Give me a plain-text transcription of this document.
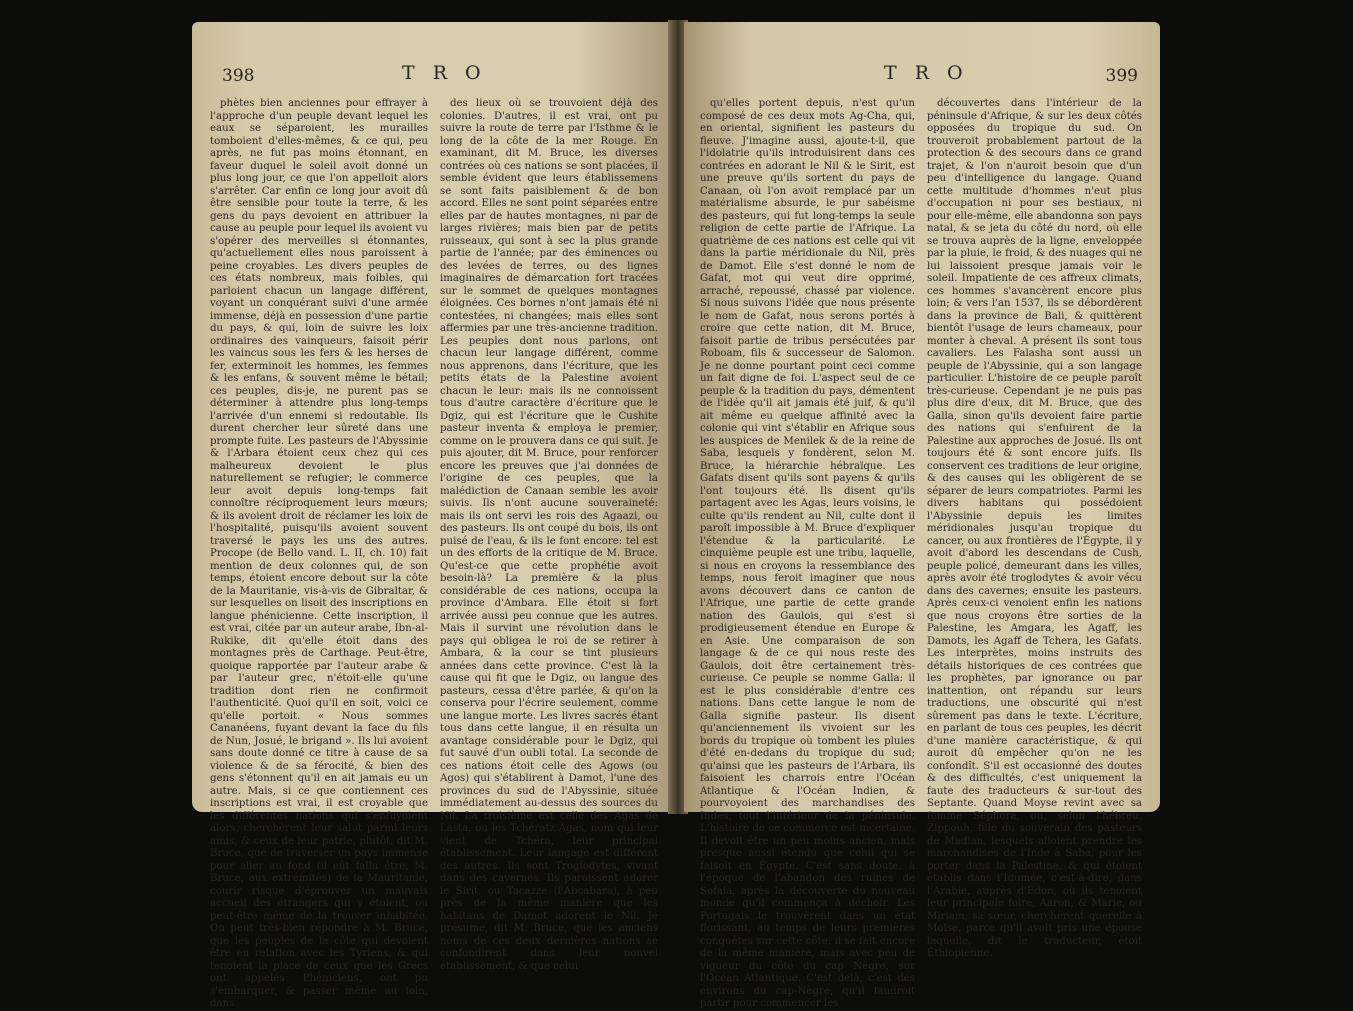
398	T R O

phètes bien anciennes pour effrayer à l'approche d'un peuple devant lequel les eaux se séparoient, les murailles tomboient d'elles-mêmes, & ce qui, peu après, ne fut pas moins étonnant, en faveur duquel le soleil avoit donné un plus long jour, ce que l'on appelloit alors s'arrêter. Car enfin ce long jour avoit dû être sensible pour toute la terre, & les gens du pays devoient en attribuer la cause au peuple pour lequel ils avoient vu s'opérer des merveilles si étonnantes, qu'actuellement elles nous paroissent à peine croyables. Les divers peuples de ces états nombreux, mais foibles, qui parloient chacun un langage différent, voyant un conquérant suivi d'une armée immense, déjà en possession d'une partie du pays, & qui, loin de suivre les loix ordinaires des vainqueurs, faisoit périr les vaincus sous les fers & les herses de fer, exterminoit les hommes, les femmes & les enfans, & souvent même le bétail; ces peuples, dis-je, ne purent pas se déterminer à attendre plus long-temps l'arrivée d'un ennemi si redoutable. Ils durent chercher leur sûreté dans une prompte fuite. Les pasteurs de l'Abyssinie & l'Arbara étoient ceux chez qui ces malheureux devoient le plus naturellement se refugier; le commerce leur avoit depuis long-temps fait connoître réciproquement leurs mœurs; & ils avoient droit de réclamer les loix de l'hospitalité, puisqu'ils avoient souvent traversé le pays les uns des autres. Procope (de Bello vand. L. II, ch. 10) fait mention de deux colonnes qui, de son temps, étoient encore debout sur la côte de la Mauritanie, vis-à-vis de Gibraltar, & sur lesquelles on lisoit des inscriptions en langue phénicienne. Cette inscription, il est vrai, citée par un auteur arabe, Ibn-al-Rukike, dit qu'elle étoit dans des montagnes près de Carthage. Peut-être, quoique rapportée par l'auteur arabe & par l'auteur grec, n'étoit-elle qu'une tradition dont rien ne confirmoit l'authenticité. Quoi qu'il en soit, voici ce qu'elle portoit. « Nous sommes Cananéens, fuyant devant la face du fils de Nun, Josué, le brigand ». Ils lui avoient sans doute donné ce titre à cause de sa violence & de sa férocité, & bien des gens s'étonnent qu'il en ait jamais eu un autre. Mais, si ce que contiennent ces inscriptions est vrai, il est croyable que les différentes nations qui s'enfuyoient alors, cherchèrent leur salut parmi leurs amis, & ceux de leur patrie, plutôt, dit M. Bruce, que de traverser un pays immense pour aller au fond (il eût fallu être, M. Bruce, aux extrémités) de la Mauritanie, courir risque d'éprouver un mauvais accueil des étrangers qui y étoient, ou peut-être même de la trouver inhabitée. On peut très-bien répondre à M. Bruce, que les peuples de la côte qui devoient être en relation avec les Tyriens, & qui tenoient la place de ceux que les Grecs ont appelés Phéniciens, ont pu s'embarquer, & passer même au loin, dans

des lieux où se trouvoient déjà des colonies. D'autres, il est vrai, ont pu suivre la route de terre par l'Isthme & le long de la côte de la mer Rouge. En examinant, dit M. Bruce, les diverses contrées où ces nations se sont placées, il semble évident que leurs établissemens se sont faits paisiblement & de bon accord. Elles ne sont point séparées entre elles par de hautes montagnes, ni par de larges rivières; mais bien par de petits ruisseaux, qui sont à sec la plus grande partie de l'année; par des éminences ou des levées de terres, ou des lignes imaginaires de démarcation fort tracées sur le sommet de quelques montagnes éloignées. Ces bornes n'ont jamais été ni contestées, ni changées; mais elles sont affermies par une très-ancienne tradition. Les peuples dont nous parlons, ont chacun leur langage différent, comme nous apprenons, dans l'écriture, que les petits états de la Palestine avoient chacun le leur: mais ils ne connoissent tous d'autre caractère d'écriture que le Dgiz, qui est l'écriture que le Cushite pasteur inventa & employa le premier, comme on le prouvera dans ce qui suit. Je puis ajouter, dit M. Bruce, pour renforcer encore les preuves que j'ai données de l'origine de ces peuples, que la malédiction de Canaan semble les avoir suivis. Ils n'ont aucune souveraineté: mais ils ont servi les rois des Agaazi, ou des pasteurs. Ils ont coupé du bois, ils ont puisé de l'eau, & ils le font encore: tel est un des efforts de la critique de M. Bruce. Qu'est-ce que cette prophétie avoit besoin-là? La première & la plus considérable de ces nations, occupa la province d'Ambara. Elle étoit si fort arrivée aussi peu connue que les autres. Mais il survint une révolution dans le pays qui obligea le roi de se retirer à Ambara, & la cour se tint plusieurs années dans cette province. C'est là la cause qui fit que le Dgiz, ou langue des pasteurs, cessa d'être parlée, & qu'on la conserva pour l'écrire seulement, comme une langue morte. Les livres sacrés étant tous dans cette langue, il en résulta un avantage considérable pour le Dgiz, qui fut sauvé d'un oubli total. La seconde de ces nations étoit celle des Agows (ou Agos) qui s'établirent à Damot, l'une des provinces du sud de l'Abyssinie, située immédiatement au-dessus des sources du Nil. La troisième est celle des Agas de Lasta, ou les Tchératz Agas, nom qui leur vient de Tchéra, leur principal établissement. Leur langage est différent des autres. Ils sont Troglodytes, vivant dans des cavernes. Ils paroissent adorer le Sirit, ou Tacazze (l'Abcabara), à peu près de la même manière que les habitans de Damot adorent le Nil. Je présume, dit M. Bruce, que les anciens noms de ces deux dernières nations se confondirent dans leur nouvel établissement, & que celui

T R O	399

qu'elles portent depuis, n'est qu'un composé de ces deux mots Ag-Cha, qui, en oriental, signifient les pasteurs du fleuve. J'imagine aussi, ajoute-t-il, que l'idolatrie qu'ils introduisirent dans ces contrées en adorant le Nil & le Sirit, est une preuve qu'ils sortent du pays de Canaan, où l'on avoit remplacé par un matérialisme absurde, le pur sabéisme des pasteurs, qui fut long-temps la seule religion de cette partie de l'Afrique. La quatrième de ces nations est celle qui vit dans la partie méridionale du Nil, près de Damot. Elle s'est donné le nom de Gafat, mot qui veut dire opprimé, arraché, repoussé, chassé par violence. Si nous suivons l'idée que nous présente le nom de Gafat, nous serons portés à croire que cette nation, dit M. Bruce, faisoit partie de tribus persécutées par Roboam, fils & successeur de Salomon. Je ne donne pourtant point ceci comme un fait digne de foi. L'aspect seul de ce peuple & la tradition du pays, démentent de l'idée qu'il ait jamais été juif, & qu'il ait même eu quelque affinité avec la colonie qui vint s'établir en Afrique sous les auspices de Menilek & de la reine de Saba, lesquels y fondèrent, selon M. Bruce, la hiérarchie hébraïque. Les Gafats disent qu'ils sont payens & qu'ils l'ont toujours été. Ils disent qu'ils partagent avec les Agas, leurs voisins, le culte qu'ils rendent au Nil, culte dont il paroît impossible à M. Bruce d'expliquer l'étendue & la particularité. Le cinquième peuple est une tribu, laquelle, si nous en croyons la ressemblance des temps, nous feroit imaginer que nous avons découvert dans ce canton de l'Afrique, une partie de cette grande nation des Gaulois, qui s'est si prodigieusement étendue en Europe & en Asie. Une comparaison de son langage & de ce qui nous reste des Gaulois, doit être certainement très-curieuse. Ce peuple se nomme Galla: il est le plus considérable d'entre ces nations. Dans cette langue le nom de Galla signifie pasteur. Ils disent qu'anciennement ils vivoient sur les bords du tropique où tombent les pluies d'été en-dedans du tropique du sud; qu'ainsi que les pasteurs de l'Arbara, ils faisoient les charrois entre l'Océan Atlantique & l'Océan Indien, & pourvoyoient des marchandises des Indes, tout l'intérieur de la péninsule. L'histoire de ce commerce est incertaine. Il devoit être un peu moins ancien, mais presque aussi étendu que celui qui se faisoit en Égypte. C'est sans doute, à l'époque de l'abandon des ruines de Sofala, après la découverte du nouveau monde qu'il commença à déchoir. Les Portugais le trouvèrent dans un état florissant, au temps de leurs premières conquêtes sur cette côte: il se fait encore de la même manière, mais avec peu de vigueur du côté du cap Nègre, sur l'Océan Atlantique. C'est delà, c'est des environs du cap-Nègre, qu'il faudroit partir pour commencer les

découvertes dans l'intérieur de la péninsule d'Afrique, & sur les deux côtés opposées du tropique du sud. On trouveroit probablement partout de la protection & des secours dans ce grand trajet, & l'on n'auroit besoin que d'un peu d'intelligence du langage. Quand cette multitude d'hommes n'eut plus d'occupation ni pour ses bestiaux, ni pour elle-même, elle abandonna son pays natal, & se jeta du côté du nord, où elle se trouva auprès de la ligne, enveloppée par la pluie, le froid, & des nuages qui ne lui laissoient presque jamais voir le soleil. Impatiente de ces affreux climats, ces hommes s'avancèrent encore plus loin; & vers l'an 1537, ils se débordèrent dans la province de Bali, & quittèrent bientôt l'usage de leurs chameaux, pour monter à cheval. A présent ils sont tous cavaliers. Les Falasha sont aussi un peuple de l'Abyssinie, qui a son langage particulier. L'histoire de ce peuple paroît très-curieuse. Cependant je ne puis pas plus dire d'eux, dit M. Bruce, que des Galla, sinon qu'ils devoient faire partie des nations qui s'enfuirent de la Palestine aux approches de Josué. Ils ont toujours été & sont encore juifs. Ils conservent ces traditions de leur origine, & des causes qui les obligèrent de se séparer de leurs compatriotes. Parmi les divers habitans qui possédoient l'Abyssinie depuis les limites méridionales jusqu'au tropique du cancer, ou aux frontières de l'Égypte, il y avoit d'abord les descendans de Cush, peuple policé, demeurant dans les villes, après avoir été troglodytes & avoir vécu dans des cavernes; ensuite les pasteurs. Après ceux-ci venoient enfin les nations que nous croyons être sorties de la Palestine, les Amgara, les Agaff, les Damots, les Agaff de Tchera, les Gafats. Les interprètes, moins instruits des détails historiques de ces contrées que les prophètes, par ignorance ou par inattention, ont répandu sur leurs traductions, une obscurité qui n'est sûrement pas dans le texte. L'écriture, en parlant de tous ces peuples, les décrit d'une manière caractéristique, & qui auroit dû empêcher qu'on ne les confondît. S'il est occasionné des doutes & des difficultés, c'est uniquement la faute des traducteurs & sur-tout des Septante. Quand Moyse revint avec sa femme Séphora, ou, selon l'hébreu, Zippouh, fille du souverain des pasteurs de Madian, lesquels alloient prendre les marchandises de l'Inde à Saba, pour les porter dans la Palestine, & qui étoient établis dans l'Idumée, c'est-à-dire, dans l'Arabie, auprès d'Edon, où ils tenoient leur principale foire, Aaron, & Marie, ou Miriam, sa sœur, cherchèrent querelle à Moïse, parce qu'il avoit pris une épouse laquelle, dit le traducteur, étoit Éthiopienne.
